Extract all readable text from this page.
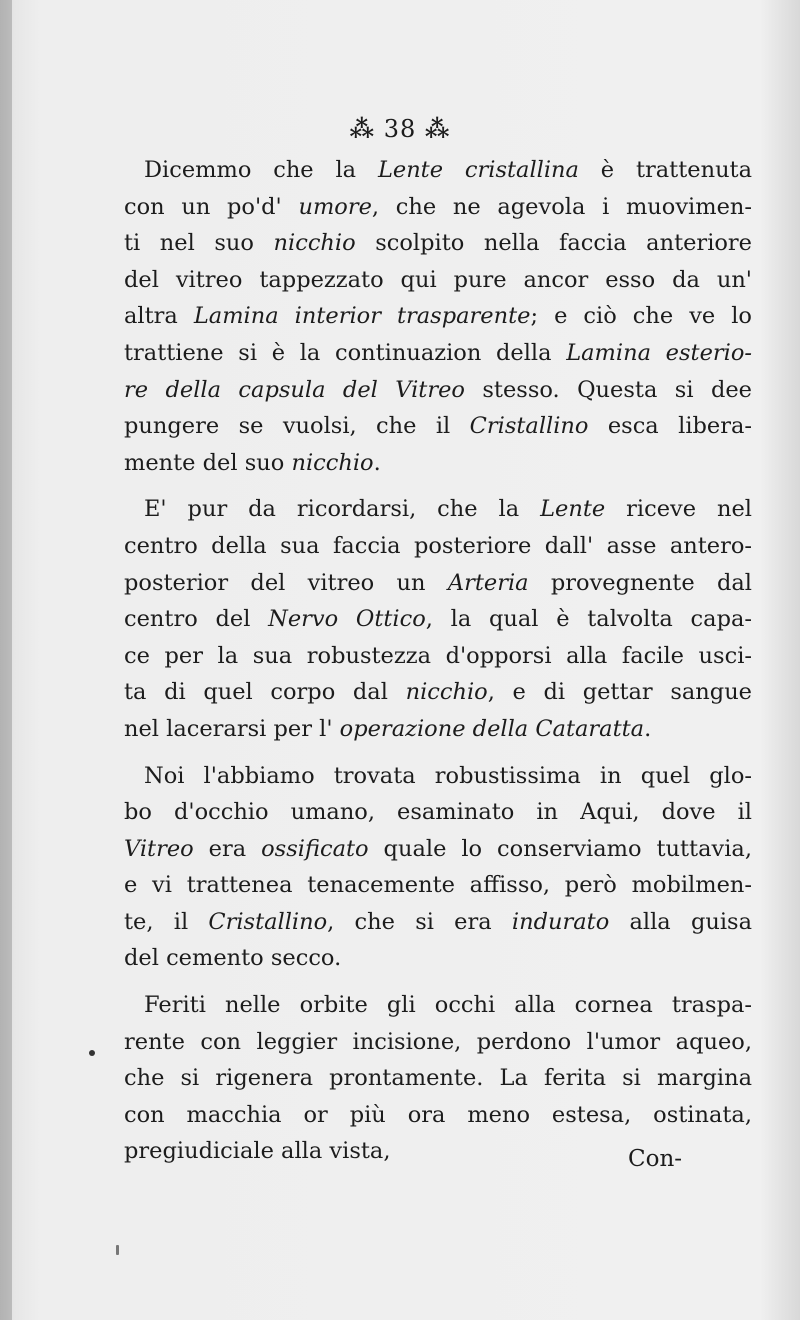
⁂ 38 ⁂
Dicemmo che la Lente cristallina è trattenuta
con un po'd' umore, che ne agevola i muovimen-
ti nel suo nicchio scolpito nella faccia anteriore
del vitreo tappezzato qui pure ancor esso da un'
altra Lamina interior trasparente; e ciò che ve lo
trattiene si è la continuazion della Lamina esterio-
re della capsula del Vitreo stesso. Questa si dee
pungere se vuolsi, che il Cristallino esca libera-
mente del suo nicchio.
E' pur da ricordarsi, che la Lente riceve nel
centro della sua faccia posteriore dall' asse antero-
posterior del vitreo un Arteria provegnente dal
centro del Nervo Ottico, la qual è talvolta capa-
ce per la sua robustezza d'opporsi alla facile usci-
ta di quel corpo dal nicchio, e di gettar sangue
nel lacerarsi per l' operazione della Cataratta.
Noi l'abbiamo trovata robustissima in quel glo-
bo d'occhio umano, esaminato in Aqui, dove il
Vitreo era ossificato quale lo conserviamo tuttavia,
e vi trattenea tenacemente affisso, però mobilmen-
te, il Cristallino, che si era indurato alla guisa
del cemento secco.
Feriti nelle orbite gli occhi alla cornea traspa-
rente con leggier incisione, perdono l'umor aqueo,
che si rigenera prontamente. La ferita si margina
con macchia or più ora meno estesa, ostinata,
pregiudiciale alla vista,	Con-
